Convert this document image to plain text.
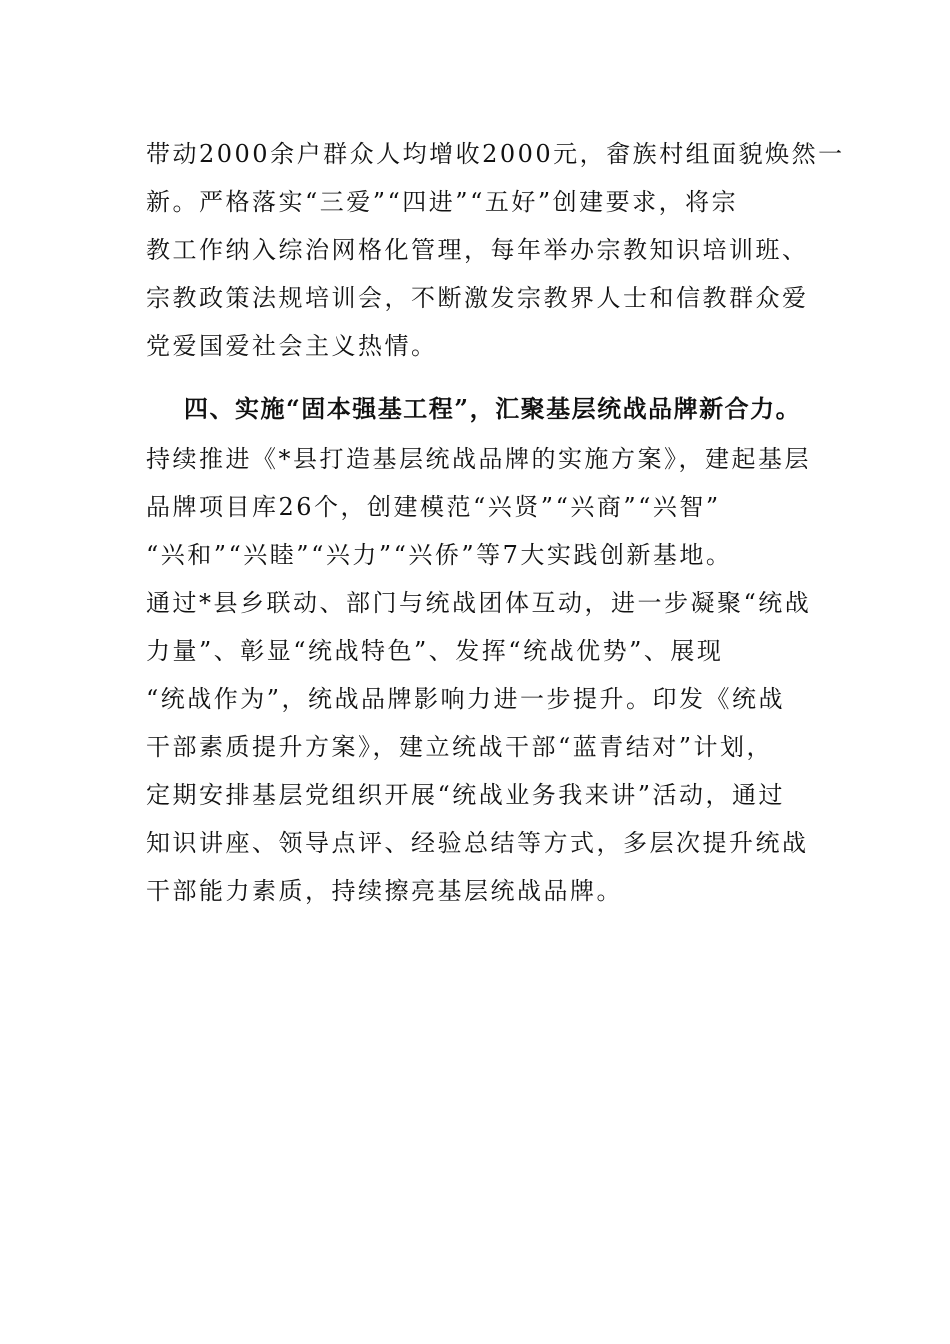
带动2000余户群众人均增收2000元，畲族村组面貌焕然一
新。严格落实“三爱”“四进”“五好”创建要求，将宗
教工作纳入综治网格化管理，每年举办宗教知识培训班、
宗教政策法规培训会，不断激发宗教界人士和信教群众爱
党爱国爱社会主义热情。
四、实施“固本强基工程”，汇聚基层统战品牌新合力。
持续推进《*县打造基层统战品牌的实施方案》，建起基层
品牌项目库26个，创建模范“兴贤”“兴商”“兴智”
“兴和”“兴睦”“兴力”“兴侨”等7大实践创新基地。
通过*县乡联动、部门与统战团体互动，进一步凝聚“统战
力量”、彰显“统战特色”、发挥“统战优势”、展现
“统战作为”，统战品牌影响力进一步提升。印发《统战
干部素质提升方案》，建立统战干部“蓝青结对”计划，
定期安排基层党组织开展“统战业务我来讲”活动，通过
知识讲座、领导点评、经验总结等方式，多层次提升统战
干部能力素质，持续擦亮基层统战品牌。
